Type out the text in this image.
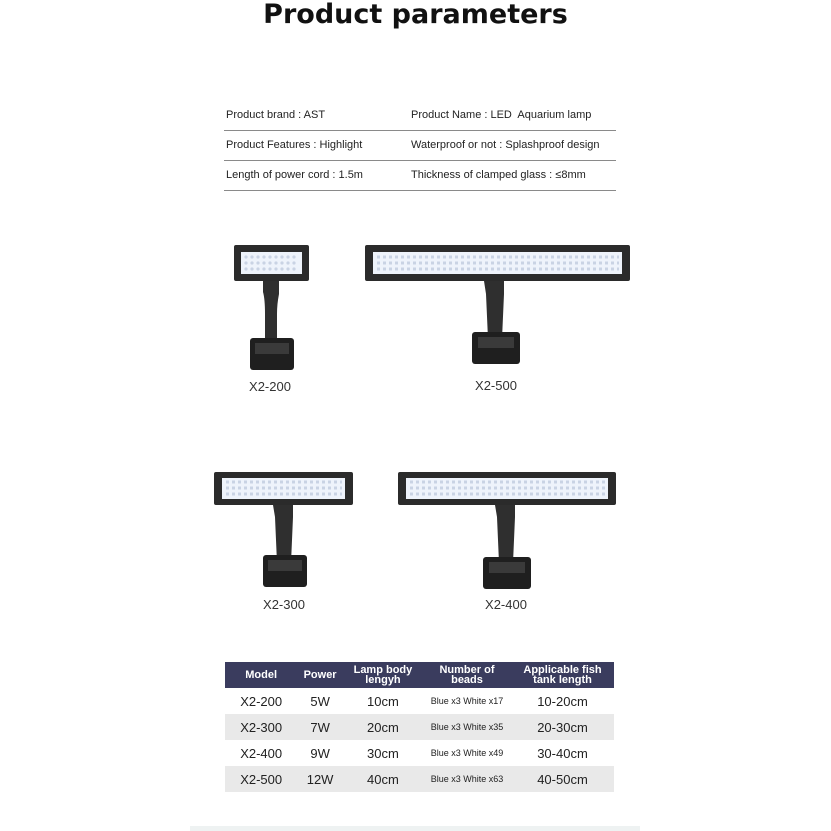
Product parameters
Product brand : AST	Product Name : LED  Aquarium lamp
Product Features : Highlight	Waterproof or not : Splashproof design
Length of power cord : 1.5m	Thickness of clamped glass : ≤8mm
X2-200	X2-500
X2-300	X2-400
Model	Power	Lamp body lengyh	Number of beads	Applicable fish tank length
X2-200	5W	10cm	Blue x3 White x17	10-20cm
X2-300	7W	20cm	Blue x3 White x35	20-30cm
X2-400	9W	30cm	Blue x3 White x49	30-40cm
X2-500	12W	40cm	Blue x3 White x63	40-50cm
